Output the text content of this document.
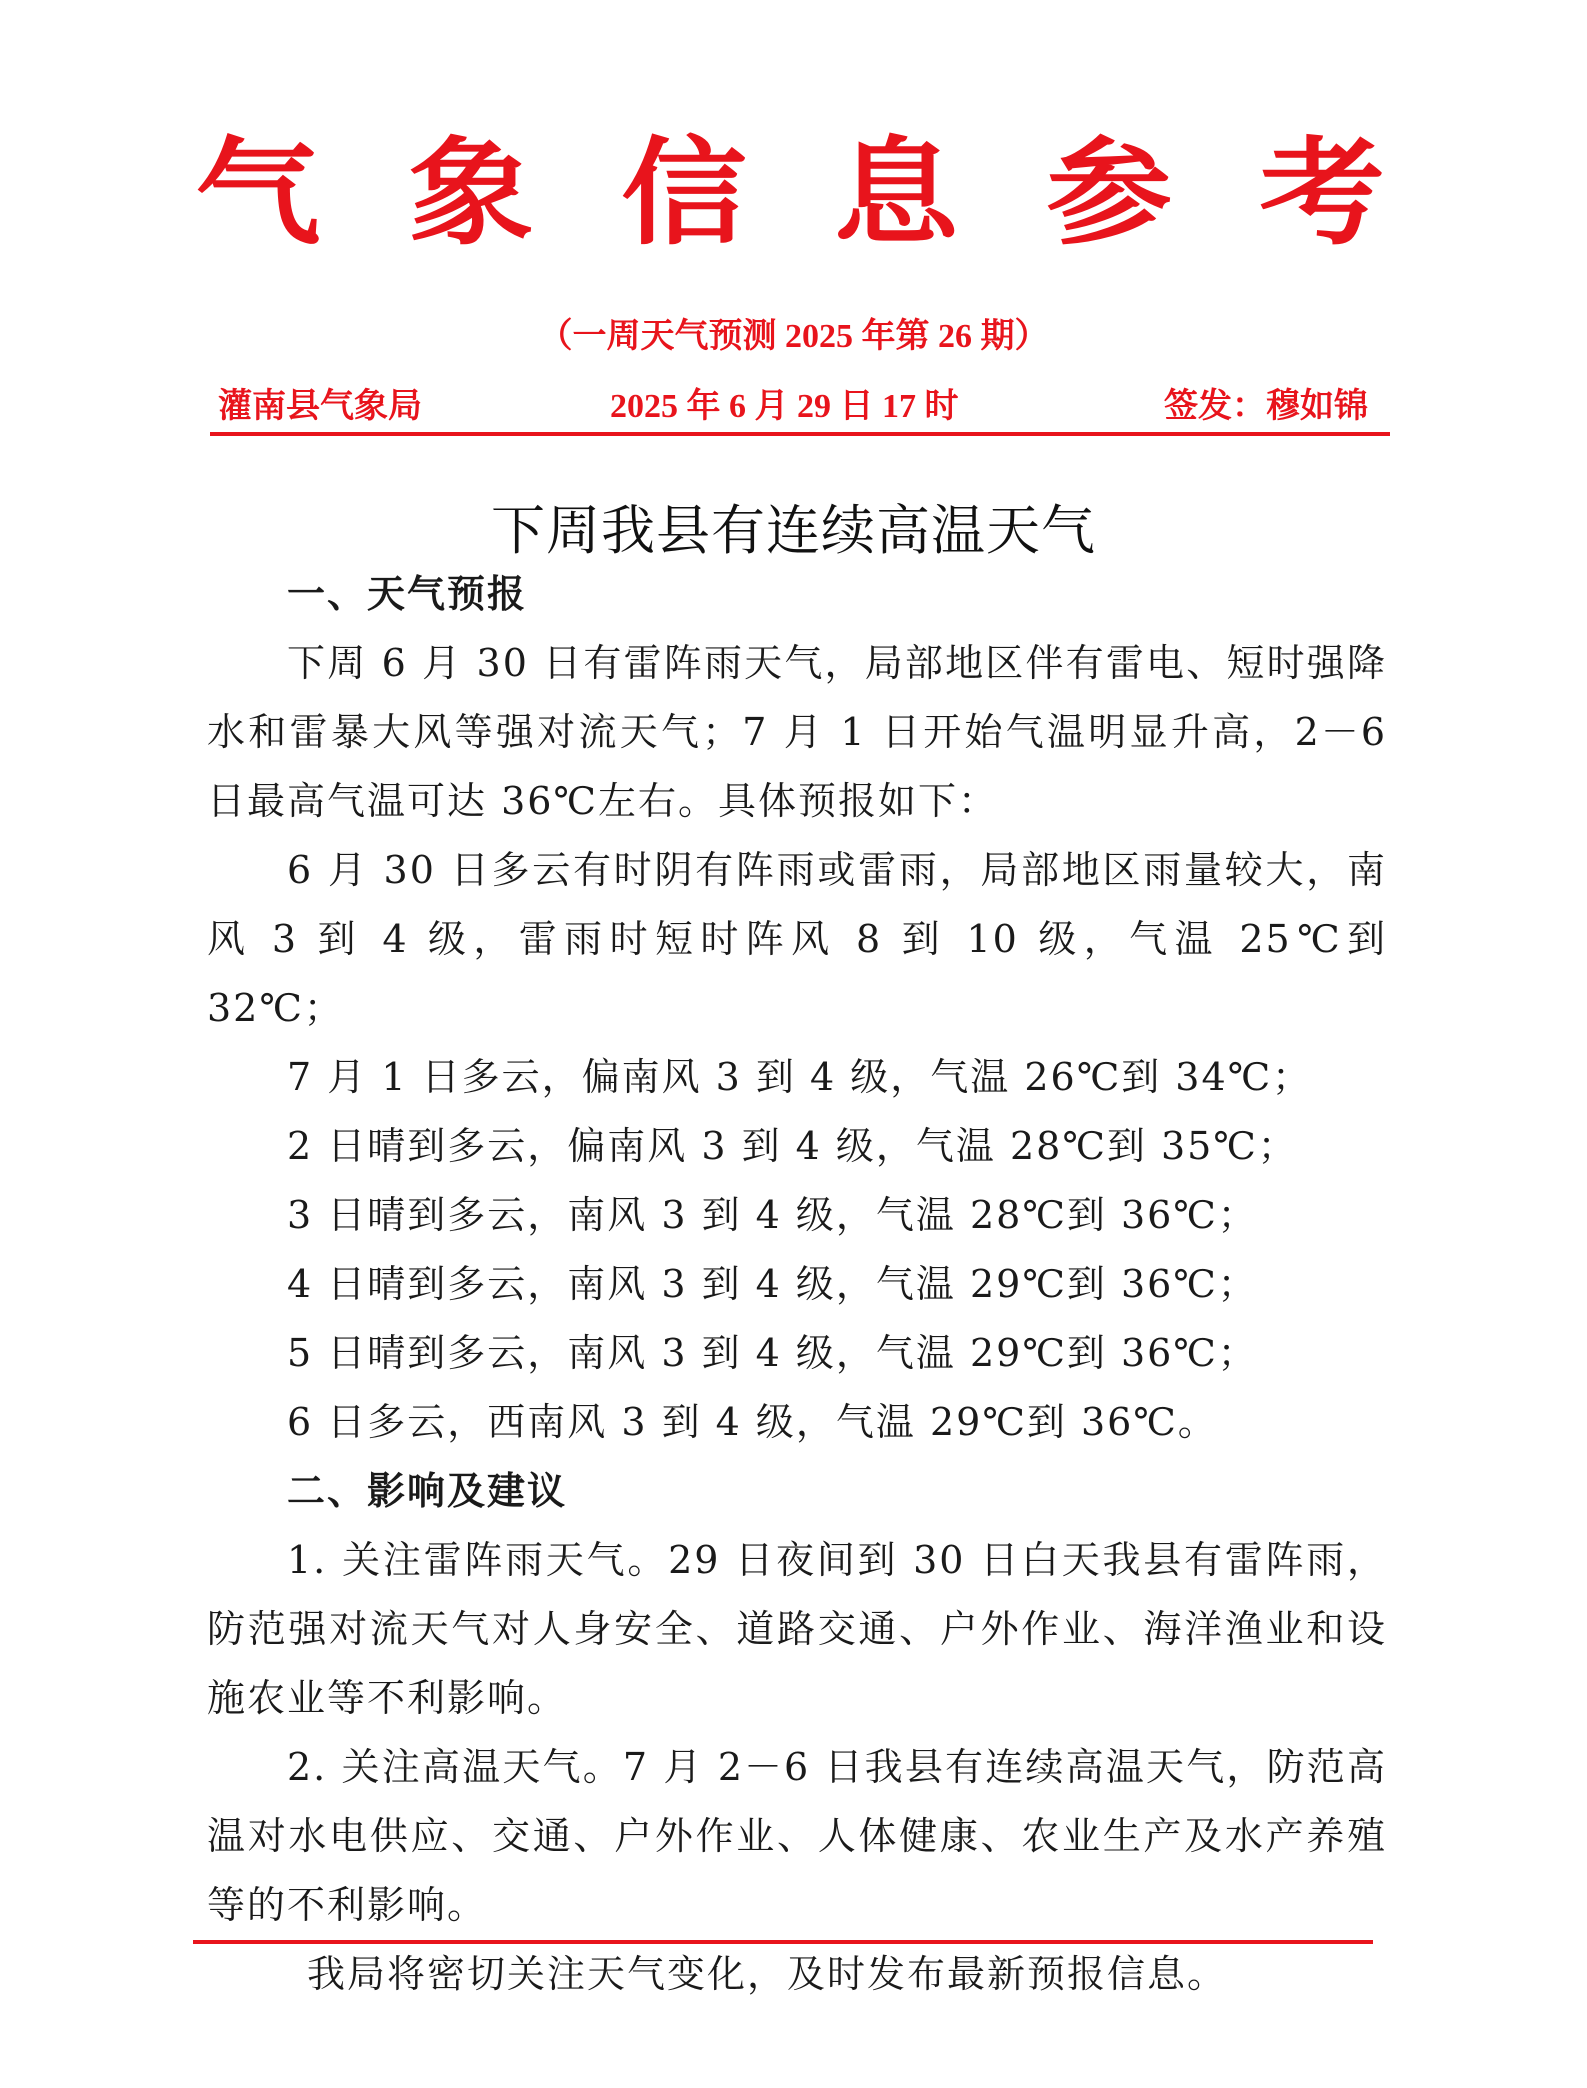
气 象 信 息 参 考
（一周天气预测 2025 年第 26 期）
灌南县气象局	2025 年 6 月 29 日 17 时	签发：穆如锦
下周我县有连续高温天气

一、天气预报

下周 6 月 30 日有雷阵雨天气，局部地区伴有雷电、短时强降水和雷暴大风等强对流天气；7 月 1 日开始气温明显升高，2－6 日最高气温可达 36℃左右。具体预报如下：

6 月 30 日多云有时阴有阵雨或雷雨，局部地区雨量较大，南风 3 到 4 级，雷雨时短时阵风 8 到 10 级，气温 25℃到 32℃；

7 月 1 日多云，偏南风 3 到 4 级，气温 26℃到 34℃；

2 日晴到多云，偏南风 3 到 4 级，气温 28℃到 35℃；

3 日晴到多云，南风 3 到 4 级，气温 28℃到 36℃；

4 日晴到多云，南风 3 到 4 级，气温 29℃到 36℃；

5 日晴到多云，南风 3 到 4 级，气温 29℃到 36℃；

6 日多云，西南风 3 到 4 级，气温 29℃到 36℃。

二、影响及建议

1. 关注雷阵雨天气。29 日夜间到 30 日白天我县有雷阵雨，防范强对流天气对人身安全、道路交通、户外作业、海洋渔业和设施农业等不利影响。

2. 关注高温天气。7 月 2－6 日我县有连续高温天气，防范高温对水电供应、交通、户外作业、人体健康、农业生产及水产养殖等的不利影响。

我局将密切关注天气变化，及时发布最新预报信息。
